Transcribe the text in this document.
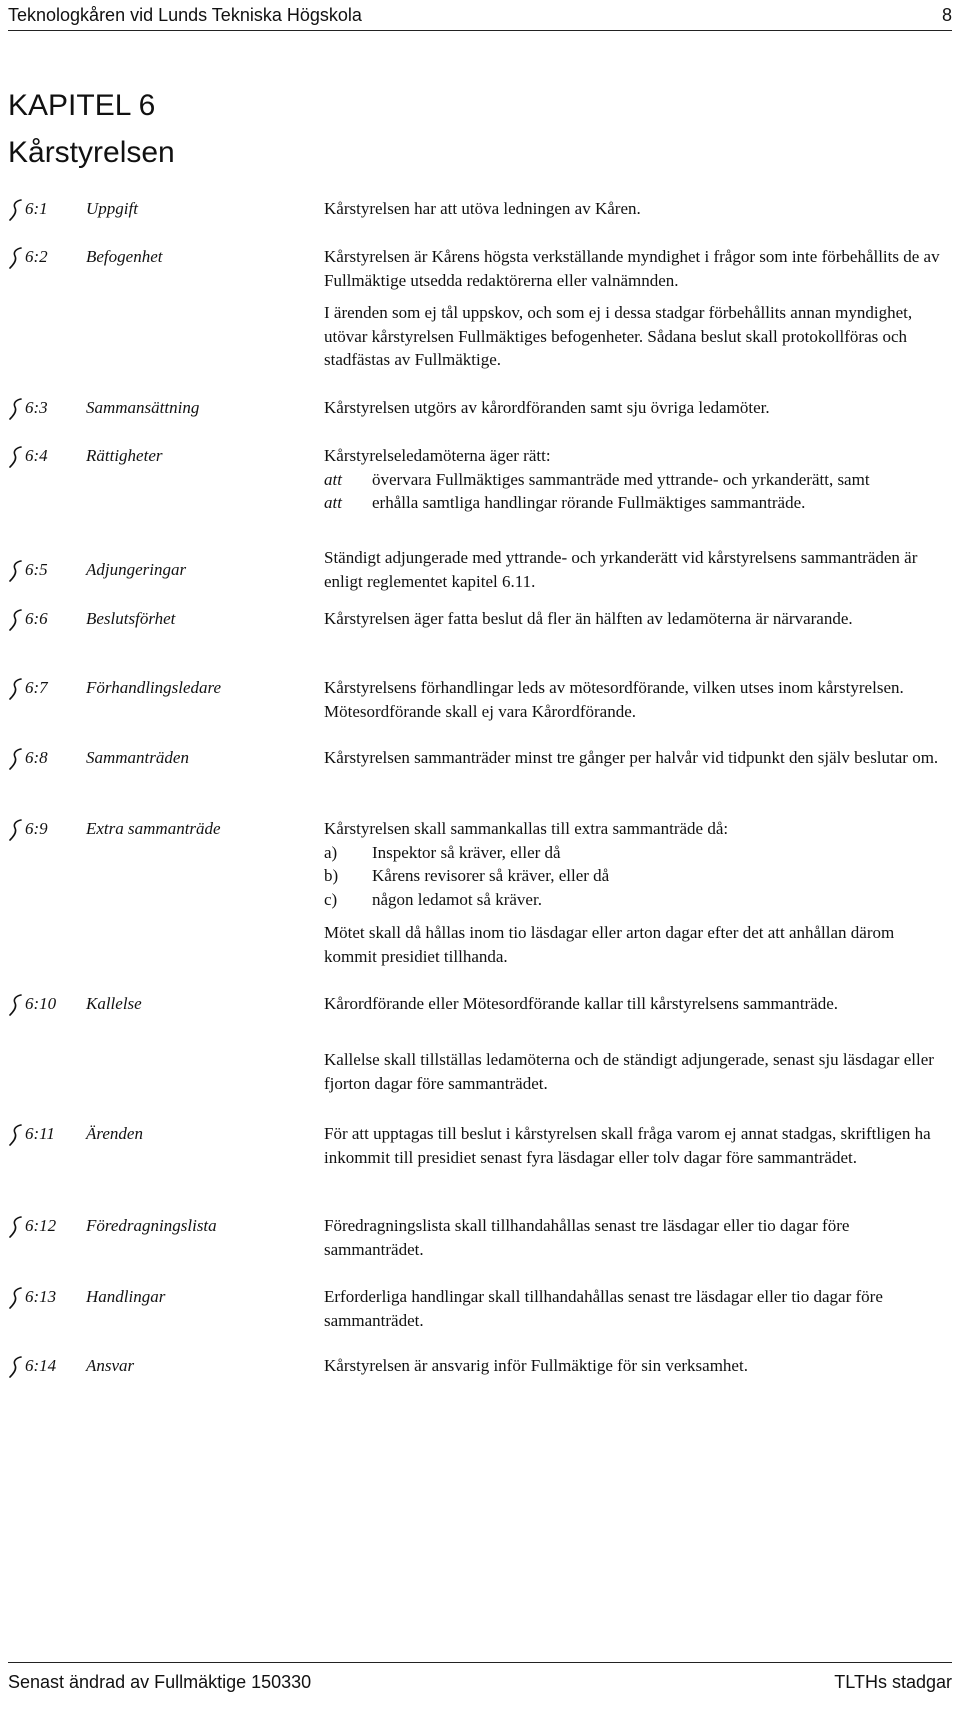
Teknologkåren vid Lunds Tekniska Högskola	8
KAPITEL 6
Kårstyrelsen
6:1 Uppgift	Kårstyrelsen har att utöva ledningen av Kåren.
6:2 Befogenhet	Kårstyrelsen är Kårens högsta verkställande myndighet i frågor som inte förbehållits de av Fullmäktige utsedda redaktörerna eller valnämnden.
I ärenden som ej tål uppskov, och som ej i dessa stadgar förbehållits annan myndighet, utövar kårstyrelsen Fullmäktiges befogenheter. Sådana beslut skall protokollföras och stadfästas av Fullmäktige.
6:3 Sammansättning	Kårstyrelsen utgörs av kårordföranden samt sju övriga ledamöter.
6:4 Rättigheter	Kårstyrelseledamöterna äger rätt:

att	övervara Fullmäktiges sammanträde med yttrande- och yrkanderätt, samt
att	erhålla samtliga handlingar rörande Fullmäktiges sammanträde.
6:5 Adjungeringar
Ständigt adjungerade med yttrande- och yrkanderätt vid kårstyrelsens sammanträden är enligt reglementet kapitel 6.11.
6:6 Beslutsförhet	Kårstyrelsen äger fatta beslut då fler än hälften av ledamöterna är närvarande.
6:7 Förhandlingsledare	Kårstyrelsens förhandlingar leds av mötesordförande, vilken utses inom kårstyrelsen. Mötesordförande skall ej vara Kårordförande.
6:8 Sammanträden	Kårstyrelsen sammanträder minst tre gånger per halvår vid tidpunkt den själv beslutar om.
6:9 Extra sammanträde	Kårstyrelsen skall sammankallas till extra sammanträde då:

a)	Inspektor så kräver, eller då
b)	Kårens revisorer så kräver, eller då
c)	någon ledamot så kräver.
Mötet skall då hållas inom tio läsdagar eller arton dagar efter det att anhållan därom kommit presidiet tillhanda.
6:10 Kallelse	Kårordförande eller Mötesordförande kallar till kårstyrelsens sammanträde.
Kallelse skall tillställas ledamöterna och de ständigt adjungerade, senast sju läsdagar eller fjorton dagar före sammanträdet.
6:11 Ärenden	För att upptagas till beslut i kårstyrelsen skall fråga varom ej annat stadgas, skriftligen ha inkommit till presidiet senast fyra läsdagar eller tolv dagar före sammanträdet.
6:12 Föredragningslista	Föredragningslista skall tillhandahållas senast tre läsdagar eller tio dagar före sammanträdet.
6:13 Handlingar	Erforderliga handlingar skall tillhandahållas senast tre läsdagar eller tio dagar före sammanträdet.
6:14 Ansvar	Kårstyrelsen är ansvarig inför Fullmäktige för sin verksamhet.
Senast ändrad av Fullmäktige 150330	TLTHs stadgar
